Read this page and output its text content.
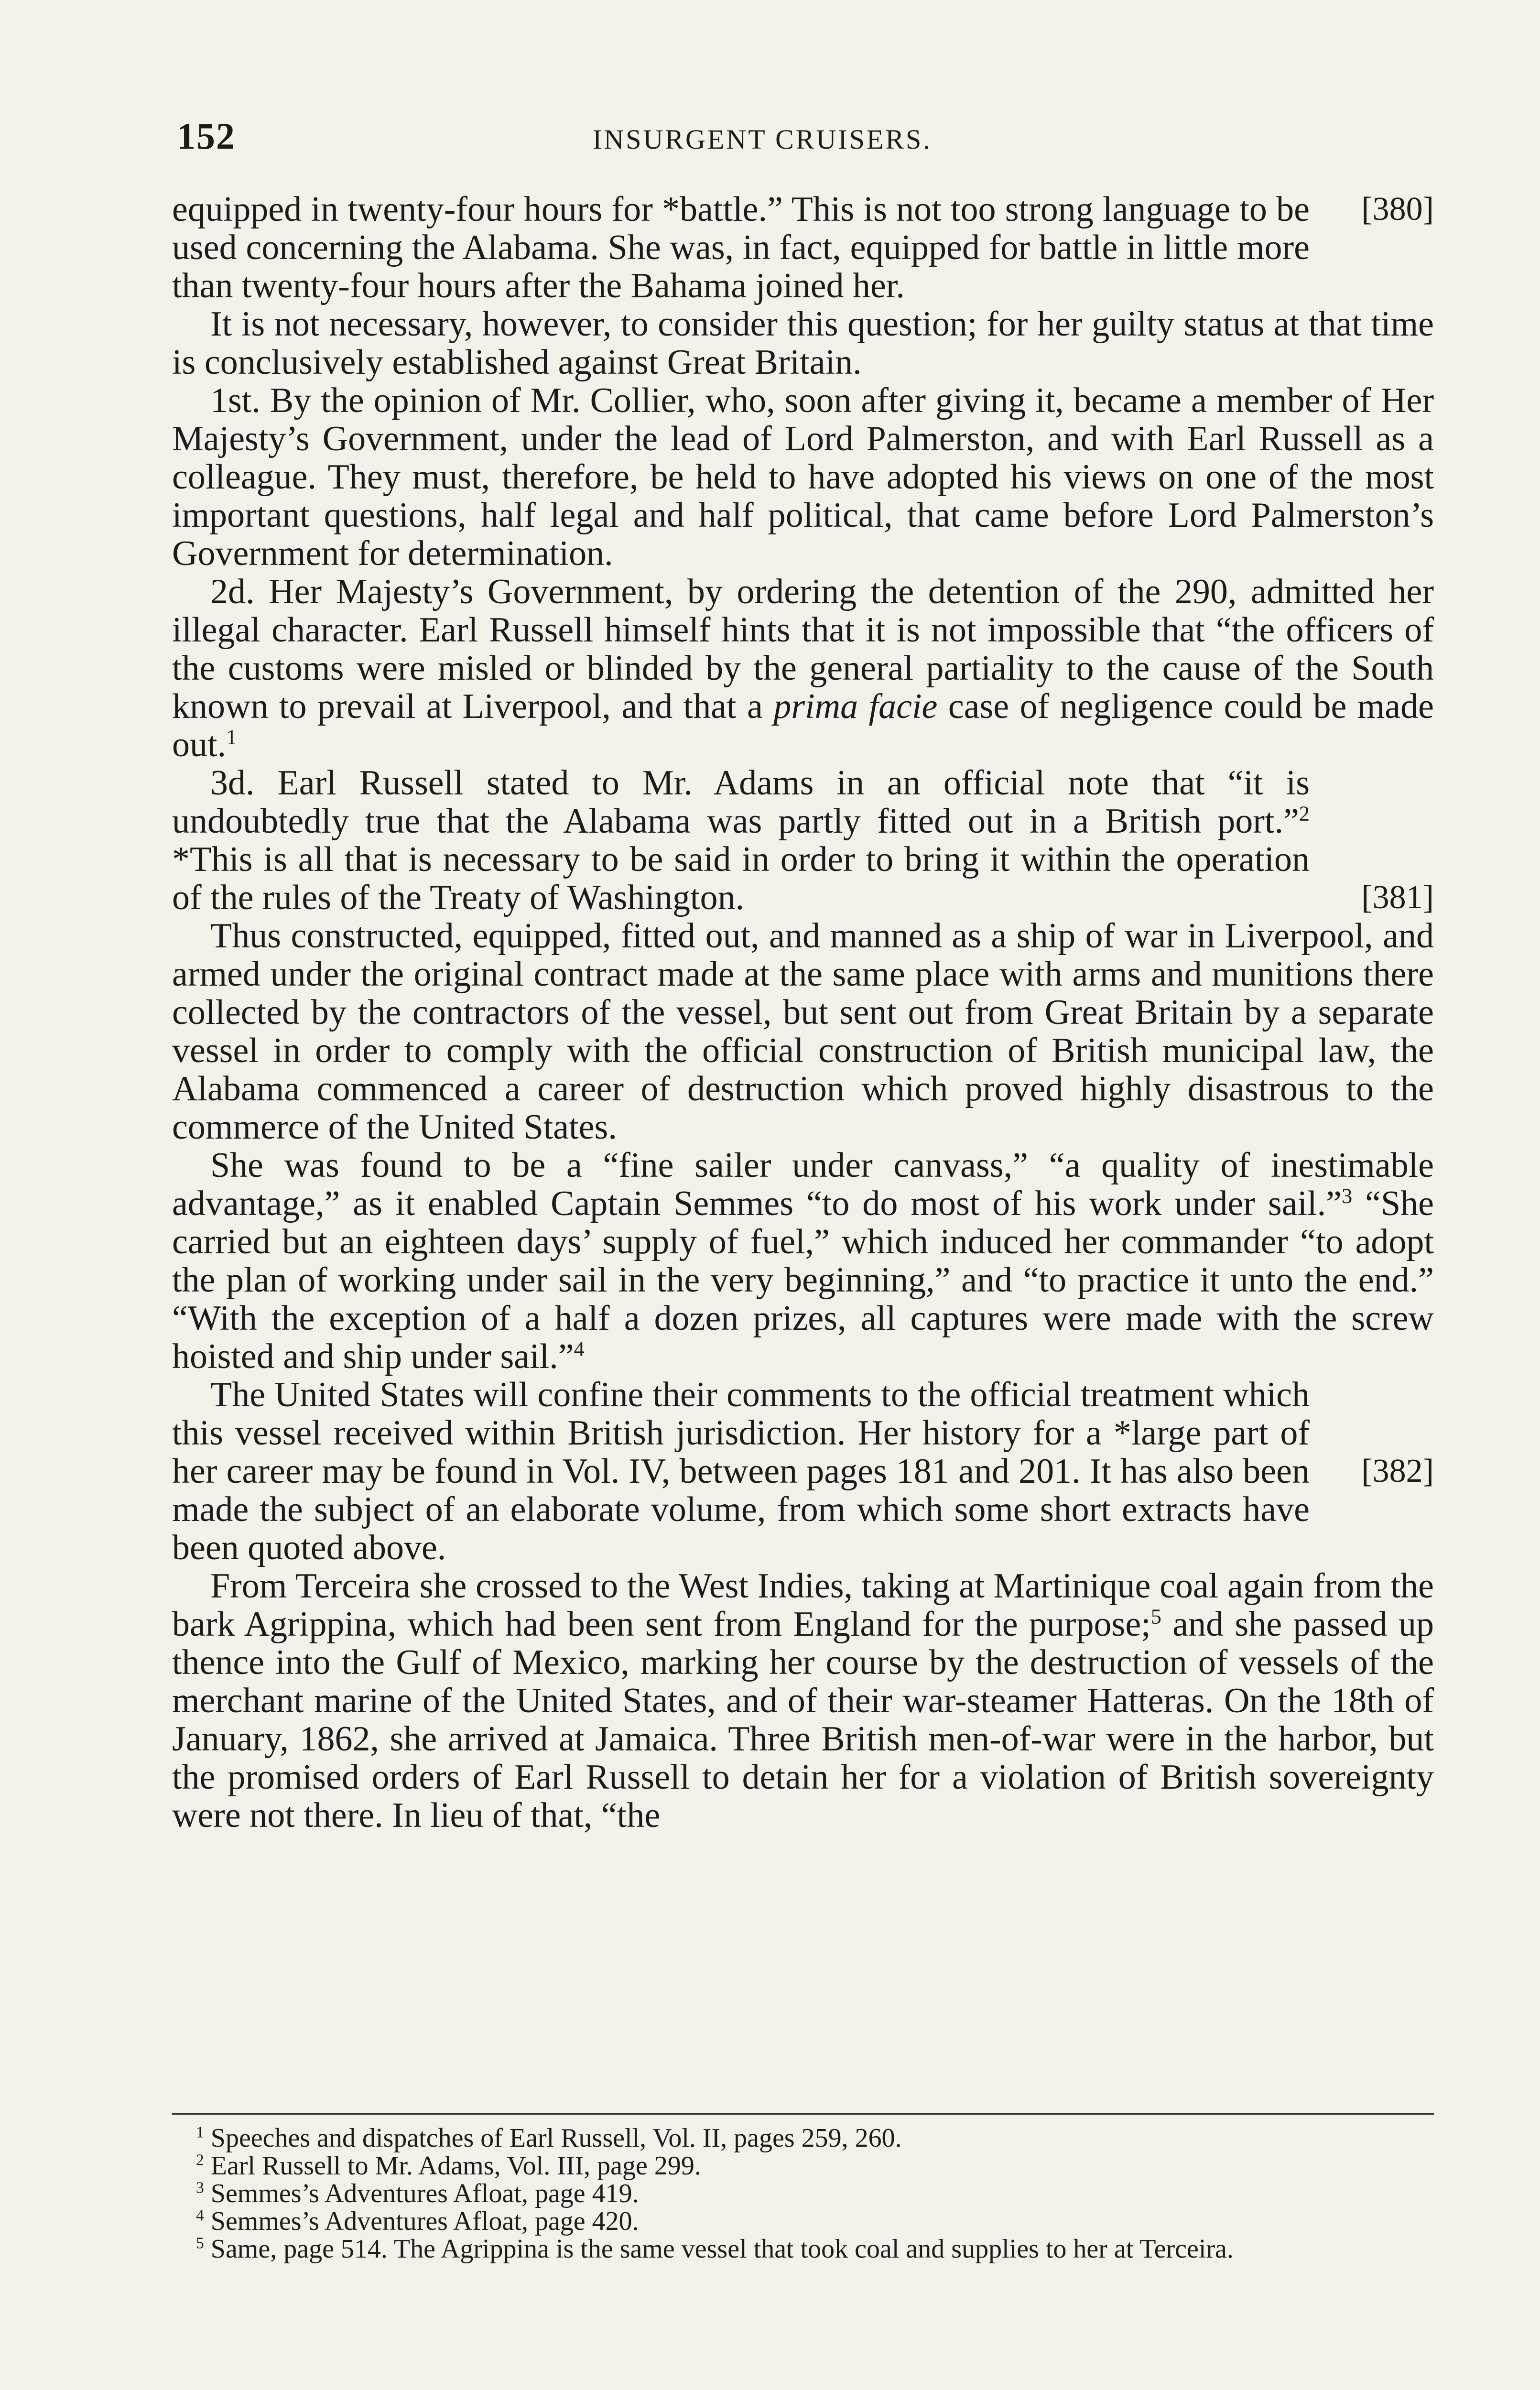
152	INSURGENT CRUISERS.

equipped in twenty-four hours for *battle.” This is not too strong language to be used concerning the Alabama. She was, in fact, equipped for battle in little more than twenty-four hours after the Bahama joined her.
[380]

It is not necessary, however, to consider this question; for her guilty status at that time is conclusively established against Great Britain.

1st. By the opinion of Mr. Collier, who, soon after giving it, became a member of Her Majesty’s Government, under the lead of Lord Palmerston, and with Earl Russell as a colleague. They must, therefore, be held to have adopted his views on one of the most important questions, half legal and half political, that came before Lord Palmerston’s Government for determination.

2d. Her Majesty’s Government, by ordering the detention of the 290, admitted her illegal character. Earl Russell himself hints that it is not impossible that “the officers of the customs were misled or blinded by the general partiality to the cause of the South known to prevail at Liverpool, and that a prima facie case of negligence could be made out.$^1$

3d. Earl Russell stated to Mr. Adams in an official note that “it is undoubtedly true that the Alabama was partly fitted out in a British port.”$^2$ *This is all that is necessary to be said in order to bring it within the operation of the rules of the Treaty of Washington.	[381]

Thus constructed, equipped, fitted out, and manned as a ship of war in Liverpool, and armed under the original contract made at the same place with arms and munitions there collected by the contractors of the vessel, but sent out from Great Britain by a separate vessel in order to comply with the official construction of British municipal law, the Alabama commenced a career of destruction which proved highly disastrous to the commerce of the United States.

She was found to be a “fine sailer under canvass,” “a quality of inestimable advantage,” as it enabled Captain Semmes “to do most of his work under sail.”$^3$ “She carried but an eighteen days’ supply of fuel,” which induced her commander “to adopt the plan of working under sail in the very beginning,” and “to practice it unto the end.” “With the exception of a half a dozen prizes, all captures were made with the screw hoisted and ship under sail.”$^4$

The United States will confine their comments to the official treatment which this vessel received within British jurisdiction. Her history for a *large part of her career may be found in Vol. IV, between pages 181 and 201. It has also been made the subject of an elaborate volume, from which some short extracts have been quoted above.
[382]

From Terceira she crossed to the West Indies, taking at Martinique coal again from the bark Agrippina, which had been sent from England for the purpose;$^5$ and she passed up thence into the Gulf of Mexico, marking her course by the destruction of vessels of the merchant marine of the United States, and of their war-steamer Hatteras. On the 18th of January, 1862, she arrived at Jamaica. Three British men-of-war were in the harbor, but the promised orders of Earl Russell to detain her for a violation of British sovereignty were not there. In lieu of that, “the

$^1$ Speeches and dispatches of Earl Russell, Vol. II, pages 259, 260.

$^2$ Earl Russell to Mr. Adams, Vol. III, page 299.

$^3$ Semmes’s Adventures Afloat, page 419.

$^4$ Semmes’s Adventures Afloat, page 420.

$^5$ Same, page 514. The Agrippina is the same vessel that took coal and supplies to her at Terceira.
